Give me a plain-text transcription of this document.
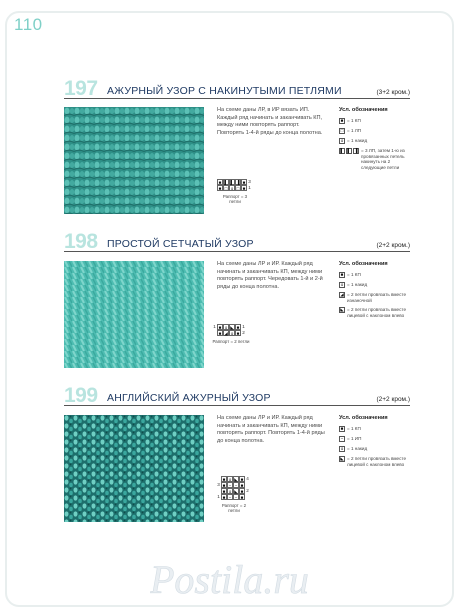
110
197 АЖУРНЫЙ УЗОР С НАКИНУТЫМИ ПЕТЛЯМИ	(3+2 кром.)
На схеме даны ЛР, в ИР вязать ИП. Каждый ряд начинать и заканчивать КП, между ними повторять раппорт. Повторять 1-4-й ряды до конца полотна.
Усл. обозначения
■ = 1 КП
□ = 1 ЛП
o = 1 накид
▌ ▌ ▐ = 3 ЛП, затем 1-ю из провязанных петель накинуть на 2 следующие петли
■ ▌ ▌ ▐ ■ 3
■ □ o □ ■ 1
Раппорт = 3 петли
198 ПРОСТОЙ СЕТЧАТЫЙ УЗОР	(2+2 кром.)
На схеме даны ЛР и ИР. Каждый ряд начинать и заканчивать КП, между ними повторять раппорт. Чередовать 1-й и 2-й ряды до конца полотна.
Усл. обозначения
■ = 1 КП
o = 1 накид
◢ = 2 петли провязать вместе изнаночной
◣ = 2 петли провязать вместе лицевой с наклоном влево
1 ■ o ◣ ■ 1
■ ◢ o ■ 2
Раппорт = 2 петли
199 АНГЛИЙСКИЙ АЖУРНЫЙ УЗОР	(2+2 кром.)
На схеме даны ЛР и ИР. Каждый ряд начинать и заканчивать КП, между ними повторять раппорт. Повторять 1-4-й ряды до конца полотна.
Усл. обозначения
■ = 1 КП
− = 1 ИП
o = 1 накид
◣ = 2 петли провязать вместе лицевой с наклоном влево
■ o ◣ ■ 4
3 ■ − − ■
■ o ◣ ■ 2
1 ■ − − ■
Раппорт = 2 петли
Postila.ru
